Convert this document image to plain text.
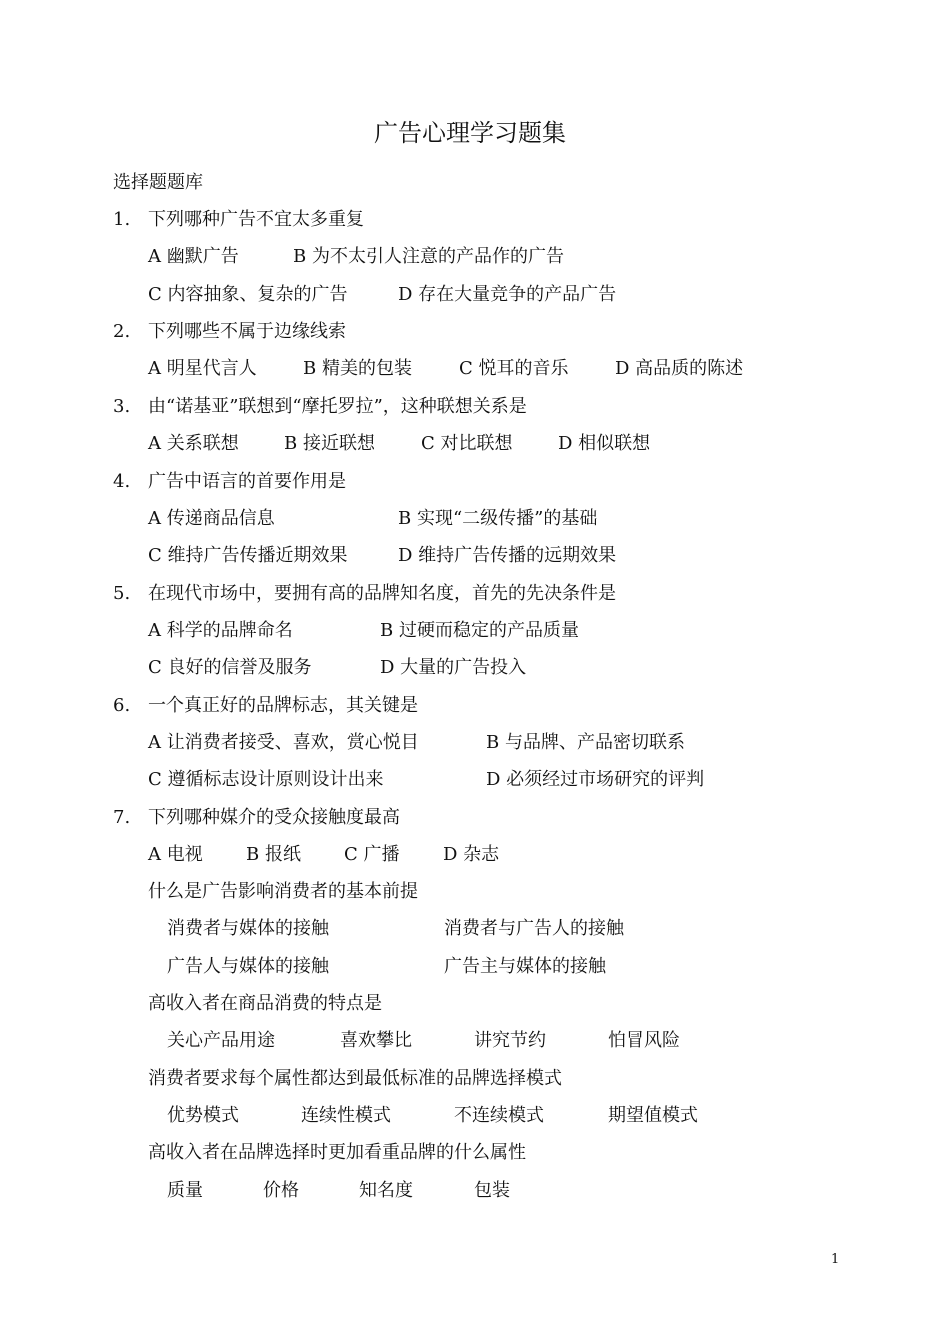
广告心理学习题集
选择题题库
1. 下列哪种广告不宜太多重复
A 幽默广告	B 为不太引人注意的产品作的广告
C 内容抽象、复杂的广告	D 存在大量竞争的产品广告
2. 下列哪些不属于边缘线索
A 明星代言人	B 精美的包装	C 悦耳的音乐	D 高品质的陈述
3. 由“诺基亚”联想到“摩托罗拉”，这种联想关系是
A 关系联想	B 接近联想	C 对比联想	D 相似联想
4. 广告中语言的首要作用是
A 传递商品信息	B 实现“二级传播”的基础
C 维持广告传播近期效果	D 维持广告传播的远期效果
5. 在现代市场中，要拥有高的品牌知名度，首先的先决条件是
A 科学的品牌命名	B 过硬而稳定的产品质量
C 良好的信誉及服务	D 大量的广告投入
6. 一个真正好的品牌标志，其关键是
A 让消费者接受、喜欢，赏心悦目	B 与品牌、产品密切联系
C 遵循标志设计原则设计出来	D 必须经过市场研究的评判
7. 下列哪种媒介的受众接触度最高
A 电视 B 报纸 C 广播 D 杂志
什么是广告影响消费者的基本前提
消费者与媒体的接触	消费者与广告人的接触
广告人与媒体的接触	广告主与媒体的接触
高收入者在商品消费的特点是
关心产品用途	喜欢攀比	讲究节约	怕冒风险
消费者要求每个属性都达到最低标准的品牌选择模式
优势模式	连续性模式	不连续模式	期望值模式
高收入者在品牌选择时更加看重品牌的什么属性
质量	价格	知名度	包装
1
